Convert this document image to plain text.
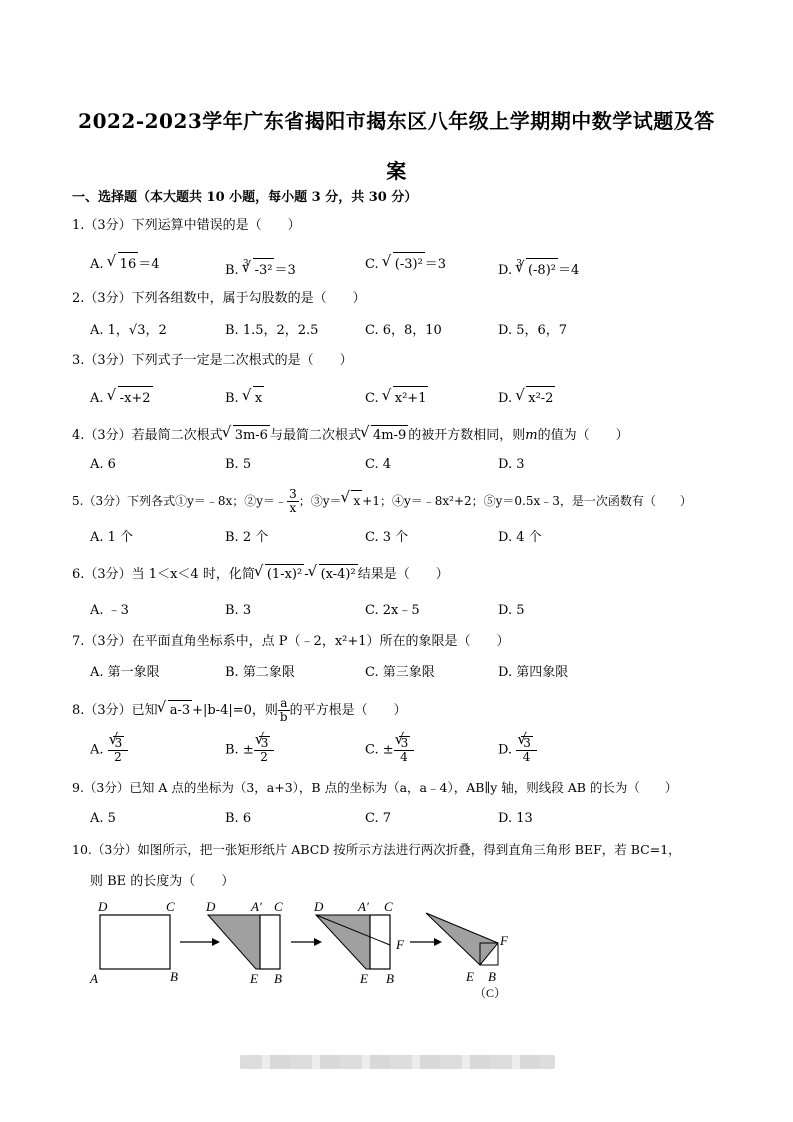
2022-2023学年广东省揭阳市揭东区八年级上学期期中数学试题及答
案
一、选择题（本大题共 10 小题，每小题 3 分，共 30 分）
1.（3分）下列运算中错误的是（　　）
A. √ 16 ＝4	B. $^3$ √ -3² ＝3	C. √ (-3)² ＝3	D. $^3$ √ (-8)² ＝4
2.（3分）下列各组数中，属于勾股数的是（　　）
A. 1，√3，2	B. 1.5，2，2.5	C. 6，8，10	D. 5，6，7
3.（3分）下列式子一定是二次根式的是（　　）
A. √ -x+2	B. √ x	C. √ x²+1	D. √ x²-2
4.（3分）若最简二次根式 √ 3m-6 与最简二次根式 √ 4m-9 的被开方数相同，则m的值为（　　）
A. 6	B. 5	C. 4	D. 3
5.（3分）下列各式①y＝﹣8x；②y＝﹣ $\frac{3}{x}$ ；③y＝ √ x +1；④y＝﹣8x²+2；⑤y＝0.5x﹣3，是一次函数有（　　）
A. 1 个	B. 2 个	C. 3 个	D. 4 个
6.（3分）当 1＜x＜4 时，化简 √ (1-x)² - √ (x-4)² 结果是（　　）
A. ﹣3	B. 3	C. 2x﹣5	D. 5
7.（3分）在平面直角坐标系中，点 P（﹣2，x²+1）所在的象限是（　　）
A. 第一象限	B. 第二象限	C. 第三象限	D. 第四象限
8.（3分）已知 √ a-3 +|b-4|=0，则 $\frac{a}{b}$ 的平方根是（　　）
A. √ $\frac{3}{2}$	B. ± √ $\frac{3}{2}$	C. ± √ $\frac{3}{4}$	D. √ $\frac{3}{4}$
9.（3分）已知 A 点的坐标为（3，a+3），B 点的坐标为（a，a﹣4），AB∥y 轴，则线段 AB 的长为（　　）
A. 5	B. 6	C. 7	D. 13
10.（3分）如图所示，把一张矩形纸片 ABCD 按所示方法进行两次折叠，得到直角三角形 BEF，若 BC=1，
则 BE 的长度为（　　）
D	C
A	B
D	A′ C
E B
D	A′ C
F
E B
F
E B
（C）
